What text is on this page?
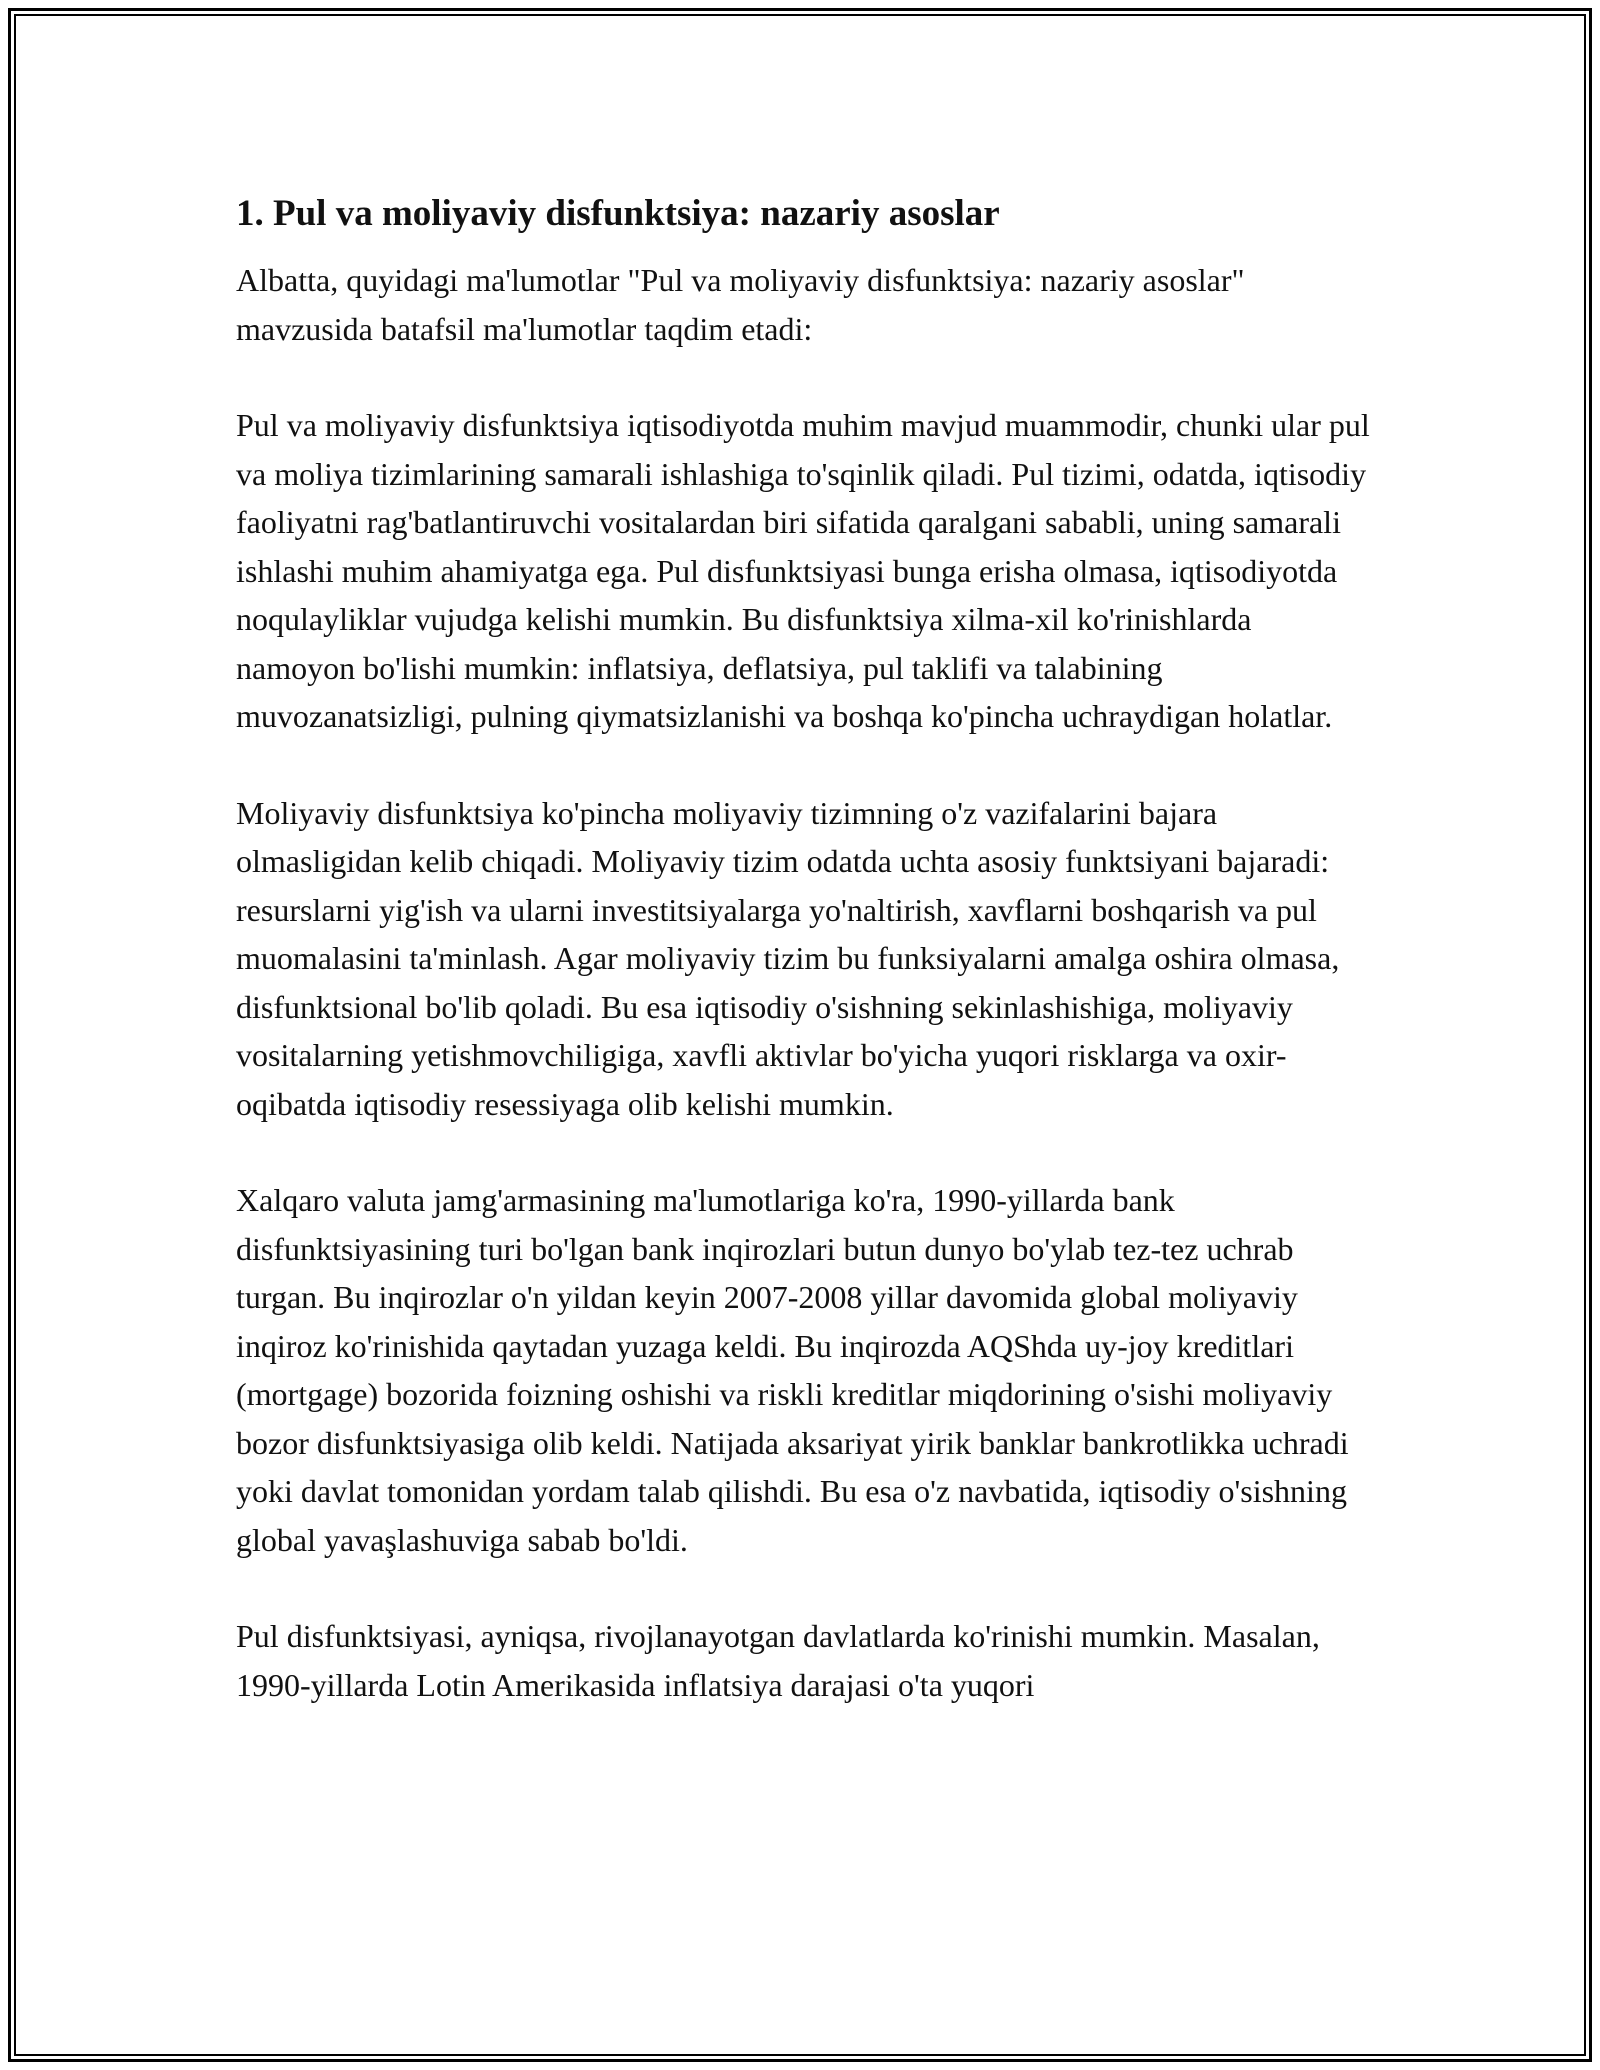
1. Pul va moliyaviy disfunktsiya: nazariy asoslar

Albatta, quyidagi ma'lumotlar "Pul va moliyaviy disfunktsiya: nazariy asoslar" mavzusida batafsil ma'lumotlar taqdim etadi:

Pul va moliyaviy disfunktsiya iqtisodiyotda muhim mavjud muammodir, chunki ular pul va moliya tizimlarining samarali ishlashiga to'sqinlik qiladi. Pul tizimi, odatda, iqtisodiy faoliyatni rag'batlantiruvchi vositalardan biri sifatida qaralgani sababli, uning samarali ishlashi muhim ahamiyatga ega. Pul disfunktsiyasi bunga erisha olmasa, iqtisodiyotda noqulayliklar vujudga kelishi mumkin. Bu disfunktsiya xilma-xil ko'rinishlarda namoyon bo'lishi mumkin: inflatsiya, deflatsiya, pul taklifi va talabining muvozanatsizligi, pulning qiymatsizlanishi va boshqa ko'pincha uchraydigan holatlar.

Moliyaviy disfunktsiya ko'pincha moliyaviy tizimning o'z vazifalarini bajara olmasligidan kelib chiqadi. Moliyaviy tizim odatda uchta asosiy funktsiyani bajaradi: resurslarni yig'ish va ularni investitsiyalarga yo'naltirish, xavflarni boshqarish va pul muomalasini ta'minlash. Agar moliyaviy tizim bu funksiyalarni amalga oshira olmasa, disfunktsional bo'lib qoladi. Bu esa iqtisodiy o'sishning sekinlashishiga, moliyaviy vositalarning yetishmovchiligiga, xavfli aktivlar bo'yicha yuqori risklarga va oxir-oqibatda iqtisodiy resessiyaga olib kelishi mumkin.

Xalqaro valuta jamg'armasining ma'lumotlariga ko'ra, 1990-yillarda bank disfunktsiyasining turi bo'lgan bank inqirozlari butun dunyo bo'ylab tez-tez uchrab turgan. Bu inqirozlar o'n yildan keyin 2007-2008 yillar davomida global moliyaviy inqiroz ko'rinishida qaytadan yuzaga keldi. Bu inqirozda AQShda uy-joy kreditlari (mortgage) bozorida foizning oshishi va riskli kreditlar miqdorining o'sishi moliyaviy bozor disfunktsiyasiga olib keldi. Natijada aksariyat yirik banklar bankrotlikka uchradi yoki davlat tomonidan yordam talab qilishdi. Bu esa o'z navbatida, iqtisodiy o'sishning global yavaşlashuviga sabab bo'ldi.

Pul disfunktsiyasi, ayniqsa, rivojlanayotgan davlatlarda ko'rinishi mumkin. Masalan, 1990-yillarda Lotin Amerikasida inflatsiya darajasi o'ta yuqori
